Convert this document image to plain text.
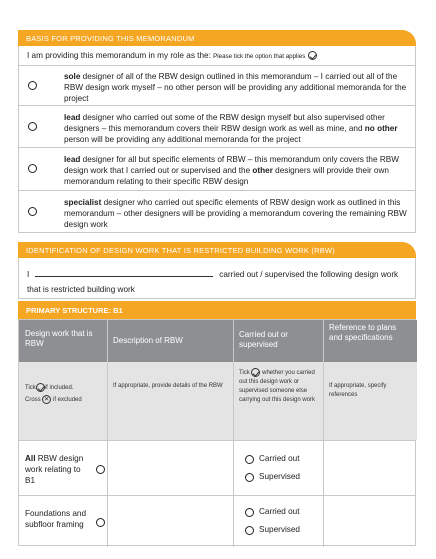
BASIS FOR PROVIDING THIS MEMORANDUM
I am providing this memorandum in my role as the: Please tick the option that applies
sole designer of all of the RBW design outlined in this memorandum – I carried out all of the RBW design work myself – no other person will be providing any additional memoranda for the project
lead designer who carried out some of the RBW design myself but also supervised other designers – this memorandum covers their RBW design work as well as mine, and no other person will be providing any additional memorandа for the project
lead designer for all but specific elements of RBW – this memorandum only covers the RBW design work that I carried out or supervised and the other designers will provide their own memorandum relating to their specific RBW design
specialist designer who carried out specific elements of RBW design work as outlined in this memorandum – other designers will be providing a memorandum covering the remaining RBW design work
IDENTIFICATION OF DESIGN WORK THAT IS RESTRICTED BUILDING WORK (RBW)
I	carried out / supervised the following design work
that is restricted building work
PRIMARY STRUCTURE: B1
Design work that is RBW	Description of RBW
Carried out or supervised
Reference to plans and specifications
Tick if included.
Cross ✕ if excluded
If appropriate, provide details of the RBW
Tick whether you carried out this design work or supervised someone else carrying out this design work
If appropriate, specify references
All RBW design work relating to B1
Carried out
Supervised
Foundations and subfloor framing
Carried out
Supervised
